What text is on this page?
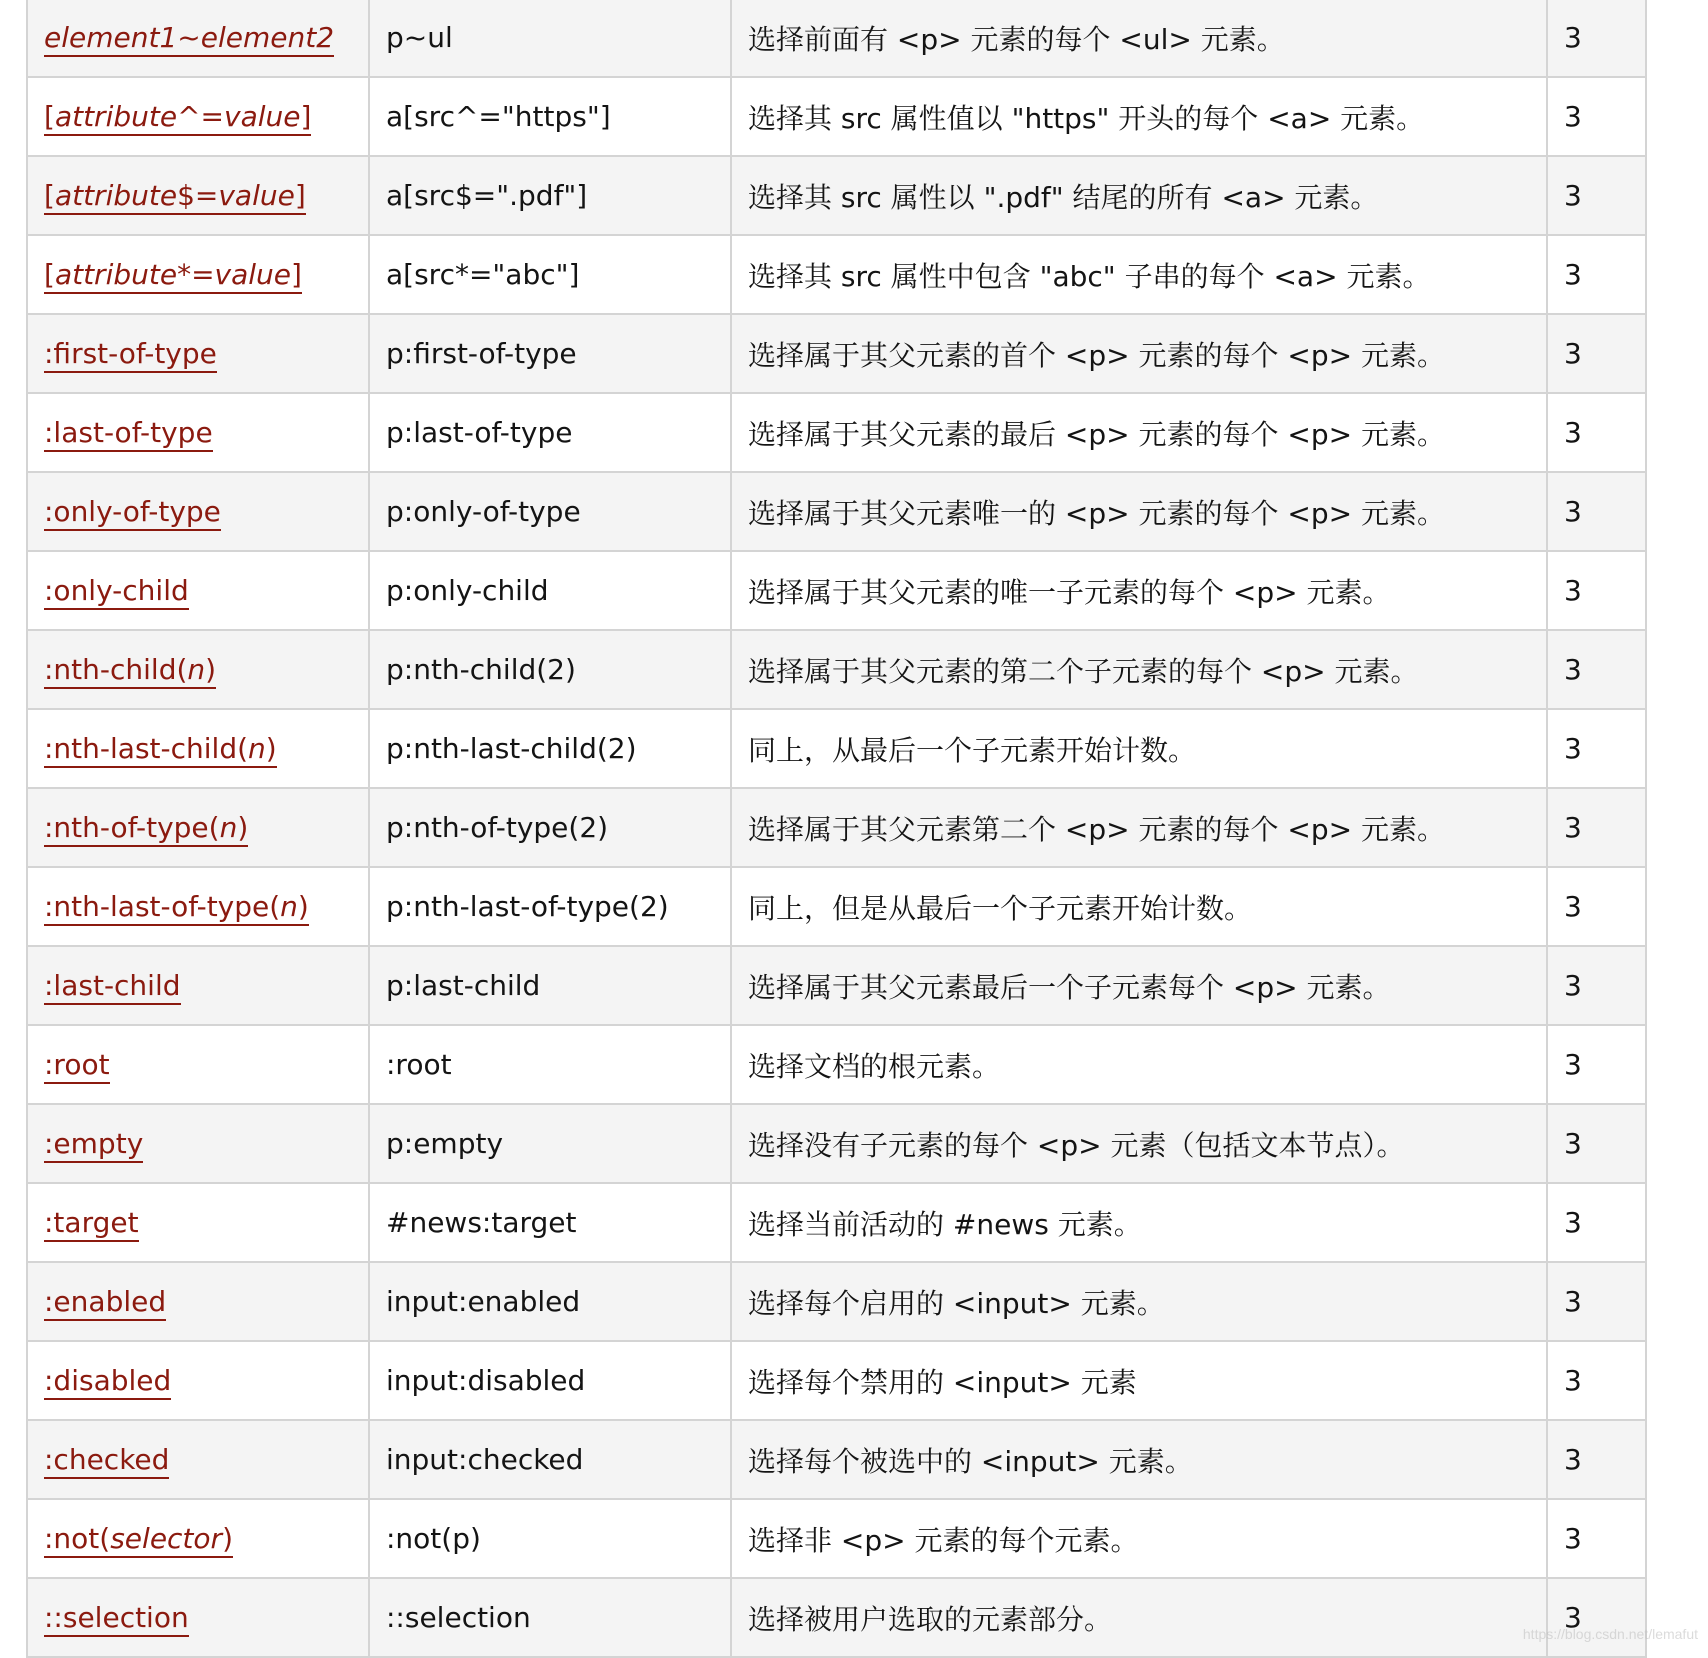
element1~element2	p~ul	选择前面有 <p> 元素的每个 <ul> 元素。	3
[attribute^=value]	a[src^="https"]	选择其 src 属性值以 "https" 开头的每个 <a> 元素。	3
[attribute$=value]	a[src$=".pdf"]	选择其 src 属性以 ".pdf" 结尾的所有 <a> 元素。	3
[attribute*=value]	a[src*="abc"]	选择其 src 属性中包含 "abc" 子串的每个 <a> 元素。	3
:first-of-type	p:first-of-type	选择属于其父元素的首个 <p> 元素的每个 <p> 元素。	3
:last-of-type	p:last-of-type	选择属于其父元素的最后 <p> 元素的每个 <p> 元素。	3
:only-of-type	p:only-of-type	选择属于其父元素唯一的 <p> 元素的每个 <p> 元素。	3
:only-child	p:only-child	选择属于其父元素的唯一子元素的每个 <p> 元素。	3
:nth-child(n)	p:nth-child(2)	选择属于其父元素的第二个子元素的每个 <p> 元素。	3
:nth-last-child(n)	p:nth-last-child(2)	同上，从最后一个子元素开始计数。	3
:nth-of-type(n)	p:nth-of-type(2)	选择属于其父元素第二个 <p> 元素的每个 <p> 元素。	3
:nth-last-of-type(n)	p:nth-last-of-type(2)	同上，但是从最后一个子元素开始计数。	3
:last-child	p:last-child	选择属于其父元素最后一个子元素每个 <p> 元素。	3
:root	:root	选择文档的根元素。	3
:empty	p:empty	选择没有子元素的每个 <p> 元素（包括文本节点）。	3
:target	#news:target	选择当前活动的 #news 元素。	3
:enabled	input:enabled	选择每个启用的 <input> 元素。	3
:disabled	input:disabled	选择每个禁用的 <input> 元素	3
:checked	input:checked	选择每个被选中的 <input> 元素。	3
:not(selector)	:not(p)	选择非 <p> 元素的每个元素。	3
::selection	::selection	选择被用户选取的元素部分。	3
https://blog.csdn.net/lemafut
